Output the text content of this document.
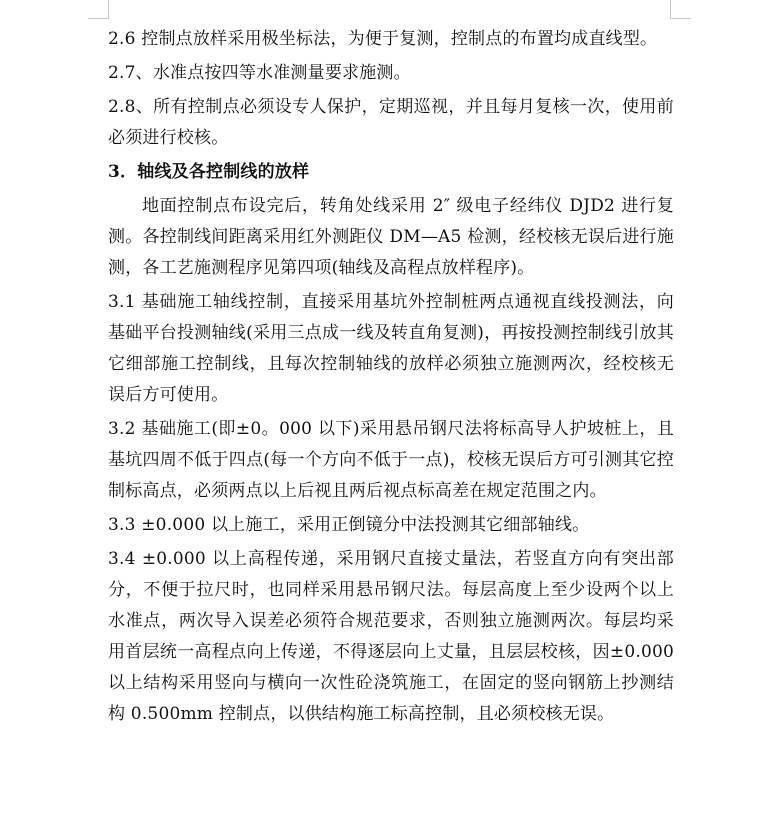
2.6 控制点放样采用极坐标法，为便于复测，控制点的布置均成直线型。

2.7、水准点按四等水准测量要求施测。

2.8、所有控制点必须设专人保护，定期巡视，并且每月复核一次，使用前必须进行校核。

3．轴线及各控制线的放样

地面控制点布设完后，转角处线采用 2″ 级电子经纬仪 DJD2 进行复测。各控制线间距离采用红外测距仪 DM—A5 检测，经校核无误后进行施测，各工艺施测程序见第四项(轴线及高程点放样程序)。

3.1 基础施工轴线控制，直接采用基坑外控制桩两点通视直线投测法，向基础平台投测轴线(采用三点成一线及转直角复测)，再按投测控制线引放其它细部施工控制线，且每次控制轴线的放样必须独立施测两次，经校核无误后方可使用。

3.2 基础施工(即±0。000 以下)采用悬吊钢尺法将标高导人护坡桩上，且基坑四周不低于四点(每一个方向不低于一点)，校核无误后方可引测其它控制标高点，必须两点以上后视且两后视点标高差在规定范围之内。

3.3 ±0.000 以上施工，采用正倒镜分中法投测其它细部轴线。

3.4 ±0.000 以上高程传递，采用钢尺直接丈量法，若竖直方向有突出部分，不便于拉尺时，也同样采用悬吊钢尺法。每层高度上至少设两个以上水准点，两次导入误差必须符合规范要求，否则独立施测两次。每层均采用首层统一高程点向上传递，不得逐层向上丈量，且层层校核，因±0.000 以上结构采用竖向与横向一次性砼浇筑施工，在固定的竖向钢筋上抄测结构 0.500mm 控制点，以供结构施工标高控制，且必须校核无误。
